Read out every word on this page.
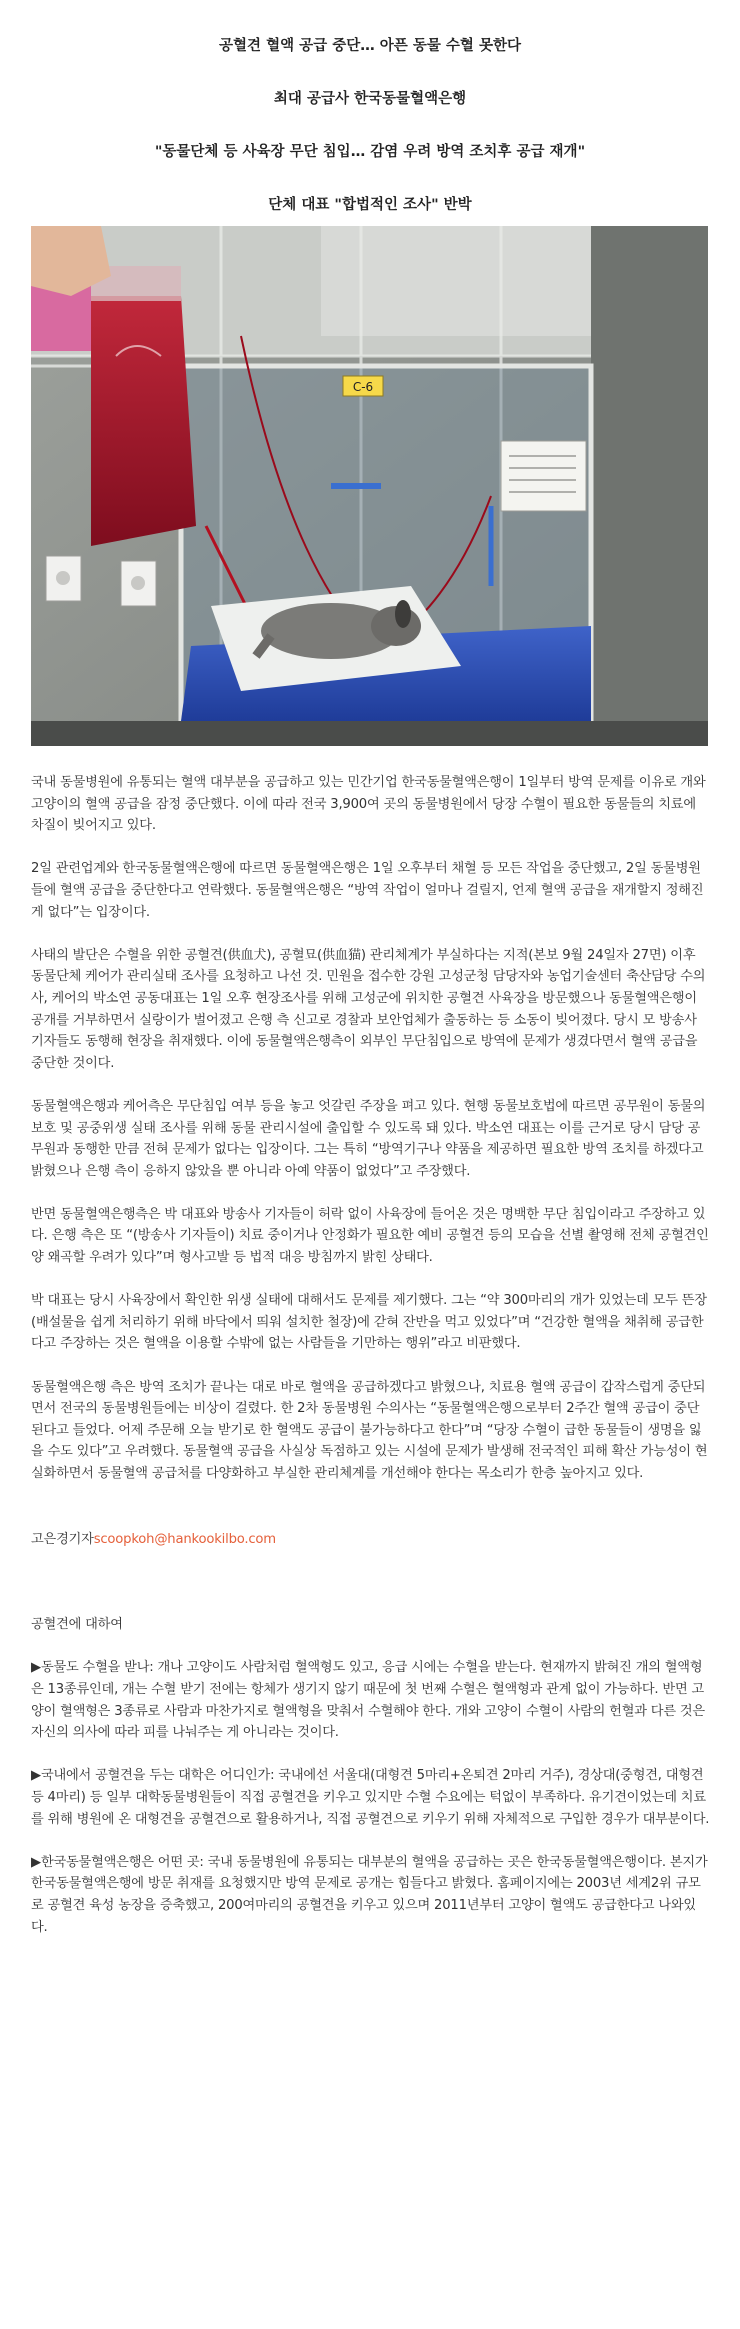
공혈견 혈액 공급 중단… 아픈 동물 수혈 못한다

최대 공급사 한국동물혈액은행

"동물단체 등 사육장 무단 침입… 감염 우려 방역 조치후 공급 재개"

단체 대표 "합법적인 조사" 반박

C-6

국내 동물병원에 유통되는 혈액 대부분을 공급하고 있는 민간기업 한국동물혈액은행이 1일부터 방역 문제를 이유로 개와 고양이의 혈액 공급을 잠정 중단했다. 이에 따라 전국 3,900여 곳의 동물병원에서 당장 수혈이 필요한 동물들의 치료에 차질이 빚어지고 있다.

2일 관련업계와 한국동물혈액은행에 따르면 동물혈액은행은 1일 오후부터 채혈 등 모든 작업을 중단했고, 2일 동물병원들에 혈액 공급을 중단한다고 연락했다. 동물혈액은행은 “방역 작업이 얼마나 걸릴지, 언제 혈액 공급을 재개할지 정해진 게 없다”는 입장이다.

사태의 발단은 수혈을 위한 공혈견(供血犬), 공혈묘(供血猫) 관리체계가 부실하다는 지적(본보 9월 24일자 27면) 이후 동물단체 케어가 관리실태 조사를 요청하고 나선 것. 민원을 접수한 강원 고성군청 담당자와 농업기술센터 축산담당 수의사, 케어의 박소연 공동대표는 1일 오후 현장조사를 위해 고성군에 위치한 공혈견 사육장을 방문했으나 동물혈액은행이 공개를 거부하면서 실랑이가 벌어졌고 은행 측 신고로 경찰과 보안업체가 출동하는 등 소동이 빚어졌다. 당시 모 방송사 기자들도 동행해 현장을 취재했다. 이에 동물혈액은행측이 외부인 무단침입으로 방역에 문제가 생겼다면서 혈액 공급을 중단한 것이다.

동물혈액은행과 케어측은 무단침입 여부 등을 놓고 엇갈린 주장을 펴고 있다. 현행 동물보호법에 따르면 공무원이 동물의 보호 및 공중위생 실태 조사를 위해 동물 관리시설에 출입할 수 있도록 돼 있다. 박소연 대표는 이를 근거로 당시 담당 공무원과 동행한 만큼 전혀 문제가 없다는 입장이다. 그는 특히 “방역기구나 약품을 제공하면 필요한 방역 조치를 하겠다고 밝혔으나 은행 측이 응하지 않았을 뿐 아니라 아예 약품이 없었다”고 주장했다.

반면 동물혈액은행측은 박 대표와 방송사 기자들이 허락 없이 사육장에 들어온 것은 명백한 무단 침입이라고 주장하고 있다. 은행 측은 또 “(방송사 기자들이) 치료 중이거나 안정화가 필요한 예비 공혈견 등의 모습을 선별 촬영해 전체 공혈견인 양 왜곡할 우려가 있다”며 형사고발 등 법적 대응 방침까지 밝힌 상태다.

박 대표는 당시 사육장에서 확인한 위생 실태에 대해서도 문제를 제기했다. 그는 “약 300마리의 개가 있었는데 모두 뜬장(배설물을 쉽게 처리하기 위해 바닥에서 띄워 설치한 철장)에 갇혀 잔반을 먹고 있었다”며 “건강한 혈액을 채취해 공급한다고 주장하는 것은 혈액을 이용할 수밖에 없는 사람들을 기만하는 행위”라고 비판했다.

동물혈액은행 측은 방역 조치가 끝나는 대로 바로 혈액을 공급하겠다고 밝혔으나, 치료용 혈액 공급이 갑작스럽게 중단되면서 전국의 동물병원들에는 비상이 걸렸다. 한 2차 동물병원 수의사는 “동물혈액은행으로부터 2주간 혈액 공급이 중단된다고 들었다. 어제 주문해 오늘 받기로 한 혈액도 공급이 불가능하다고 한다”며 “당장 수혈이 급한 동물들이 생명을 잃을 수도 있다”고 우려했다. 동물혈액 공급을 사실상 독점하고 있는 시설에 문제가 발생해 전국적인 피해 확산 가능성이 현실화하면서 동물혈액 공급처를 다양화하고 부실한 관리체계를 개선해야 한다는 목소리가 한층 높아지고 있다.

고은경기자scoopkoh@hankookilbo.com

공혈견에 대하여

▶동물도 수혈을 받나: 개나 고양이도 사람처럼 혈액형도 있고, 응급 시에는 수혈을 받는다. 현재까지 밝혀진 개의 혈액형은 13종류인데, 개는 수혈 받기 전에는 항체가 생기지 않기 때문에 첫 번째 수혈은 혈액형과 관계 없이 가능하다. 반면 고양이 혈액형은 3종류로 사람과 마찬가지로 혈액형을 맞춰서 수혈해야 한다. 개와 고양이 수혈이 사람의 헌혈과 다른 것은 자신의 의사에 따라 피를 나눠주는 게 아니라는 것이다.

▶국내에서 공혈견을 두는 대학은 어디인가: 국내에선 서울대(대형견 5마리+온퇴견 2마리 거주), 경상대(중형견, 대형견 등 4마리) 등 일부 대학동물병원들이 직접 공혈견을 키우고 있지만 수혈 수요에는 턱없이 부족하다. 유기견이었는데 치료를 위해 병원에 온 대형견을 공혈견으로 활용하거나, 직접 공혈견으로 키우기 위해 자체적으로 구입한 경우가 대부분이다.

▶한국동물혈액은행은 어떤 곳: 국내 동물병원에 유통되는 대부분의 혈액을 공급하는 곳은 한국동물혈액은행이다. 본지가 한국동물혈액은행에 방문 취재를 요청했지만 방역 문제로 공개는 힘들다고 밝혔다. 홈페이지에는 2003년 세계2위 규모로 공혈견 육성 농장을 증축했고, 200여마리의 공혈견을 키우고 있으며 2011년부터 고양이 혈액도 공급한다고 나와있다.
